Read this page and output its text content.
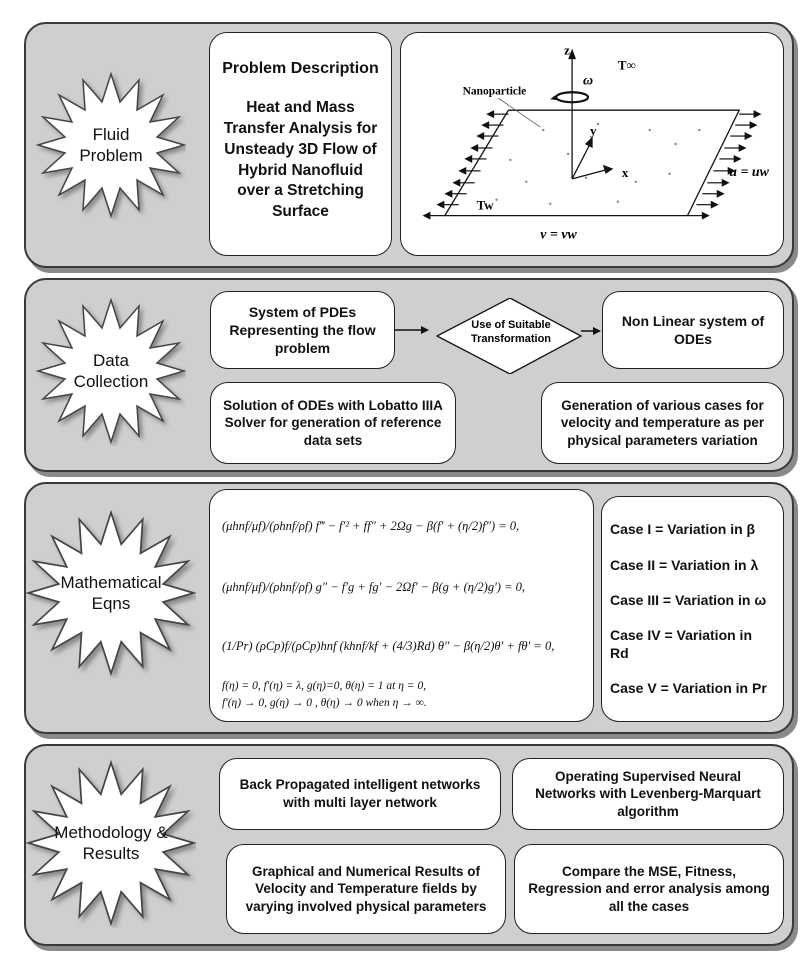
Fluid
Problem
Problem Description
Heat and Mass Transfer Analysis for Unsteady 3D Flow of Hybrid Nanofluid over a Stretching Surface
z
y
x
ω
T∞
Nanoparticle
Tw
u = uw
v = vw
Data
Collection
System of PDEs Representing the flow problem
Use of Suitable Transformation
Non Linear system of ODEs
Solution of ODEs with Lobatto IIIA Solver for generation of reference data sets
Generation of various cases for velocity and temperature as per physical parameters variation
Mathematical
Eqns
(μhnf/μf)/(ρhnf/ρf) f‴ − f′² + ff″ + 2Ωg − β(f′ + (η/2)f″) = 0,
(μhnf/μf)/(ρhnf/ρf) g″ − f′g + fg′ − 2Ωf′ − β(g + (η/2)g′) = 0,
(1/Pr) (ρCp)f/(ρCp)hnf (khnf/kf + (4/3)Rd) θ″ − β(η/2)θ′ + fθ′ = 0,
f(η) = 0, f′(η) = λ, g(η)=0, θ(η) = 1 at η = 0,
f′(η) → 0, g(η) → 0 , θ(η) → 0 when η → ∞.
Case I = Variation in β
Case II = Variation in λ
Case III = Variation in ω
Case IV = Variation in Rd
Case V = Variation in Pr
Methodology &
Results
Back Propagated intelligent networks with multi layer network
Operating Supervised Neural Networks with Levenberg-Marquart algorithm
Graphical and Numerical Results of Velocity and Temperature fields by varying involved physical parameters
Compare the MSE, Fitness, Regression and error analysis among all the cases
